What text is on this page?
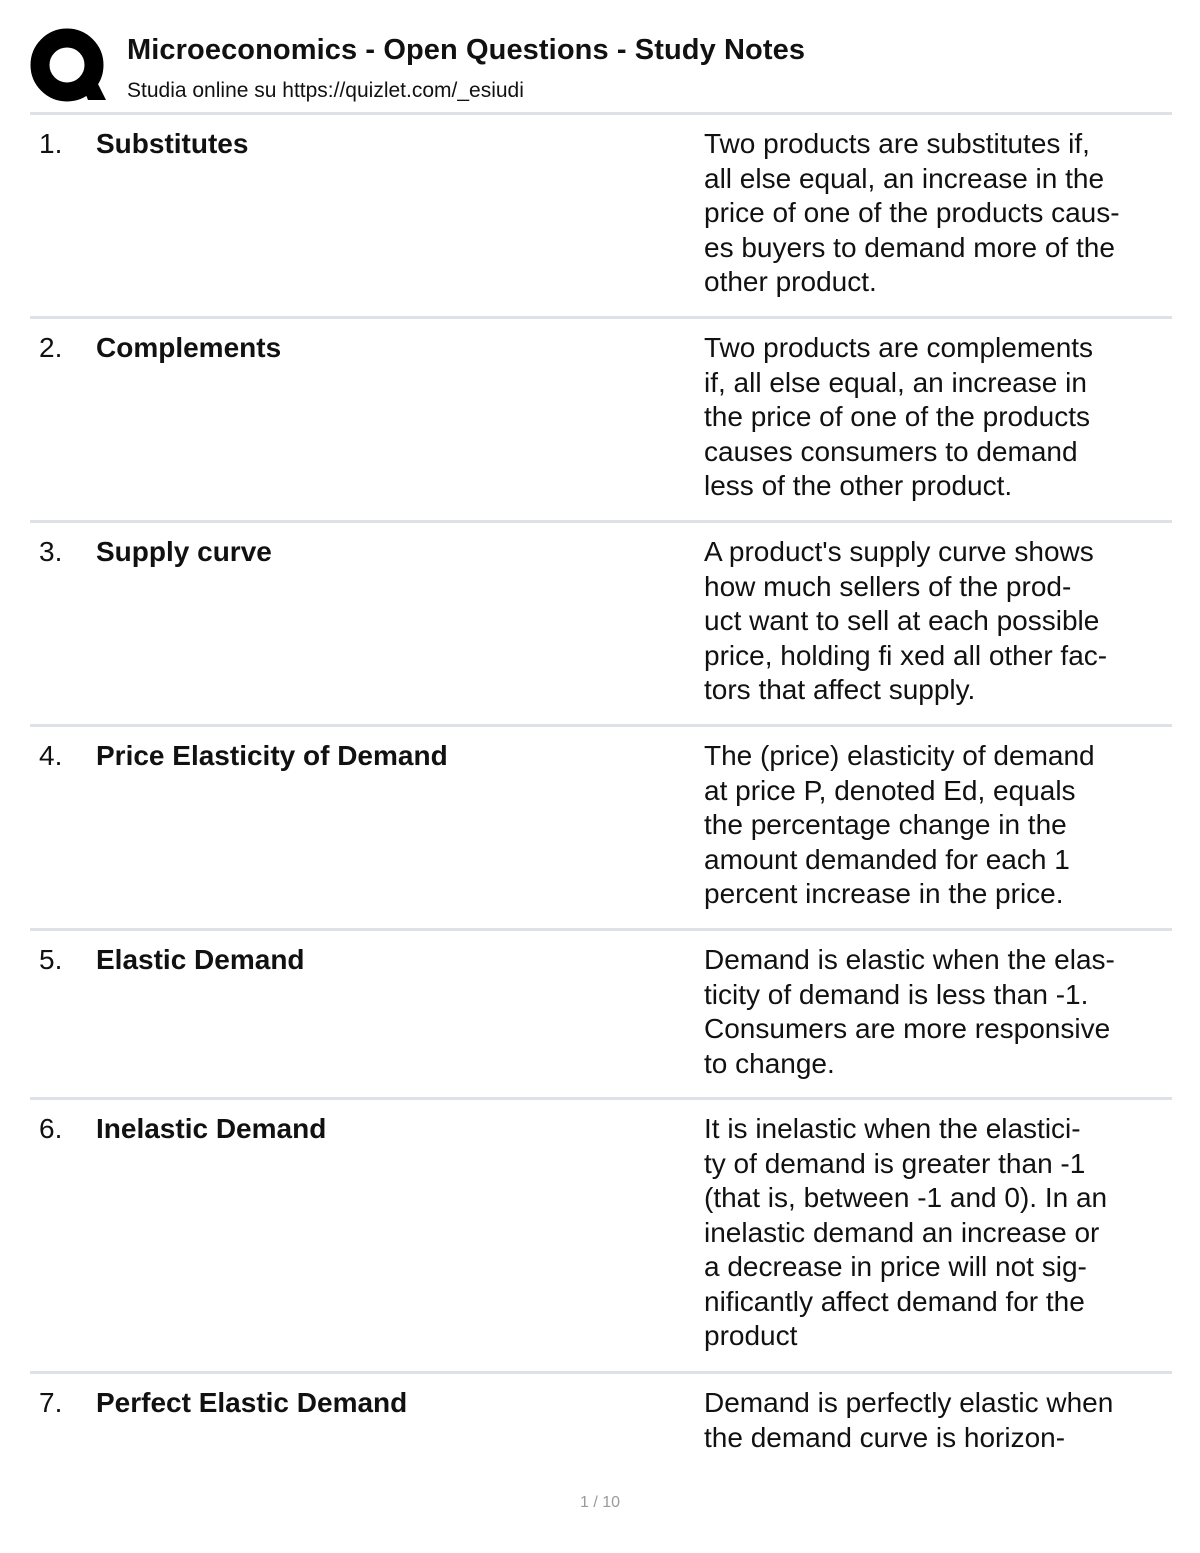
Microeconomics - Open Questions - Study Notes
Studia online su https://quizlet.com/_esiudi
1. Substitutes	Two products are substitutes if,
all else equal, an increase in the
price of one of the products caus-
es buyers to demand more of the
other product.
2. Complements	Two products are complements
if, all else equal, an increase in
the price of one of the products
causes consumers to demand
less of the other product.
3. Supply curve	A product's supply curve shows
how much sellers of the prod-
uct want to sell at each possible
price, holding fi xed all other fac-
tors that affect supply.
4. Price Elasticity of Demand	The (price) elasticity of demand
at price P, denoted Ed, equals
the percentage change in the
amount demanded for each 1
percent increase in the price.
5. Elastic Demand	Demand is elastic when the elas-
ticity of demand is less than -1.
Consumers are more responsive
to change.
6. Inelastic Demand	It is inelastic when the elastici-
ty of demand is greater than -1
(that is, between -1 and 0). In an
inelastic demand an increase or
a decrease in price will not sig-
nificantly affect demand for the
product
7. Perfect Elastic Demand	Demand is perfectly elastic when
the demand curve is horizon-
1 / 10
